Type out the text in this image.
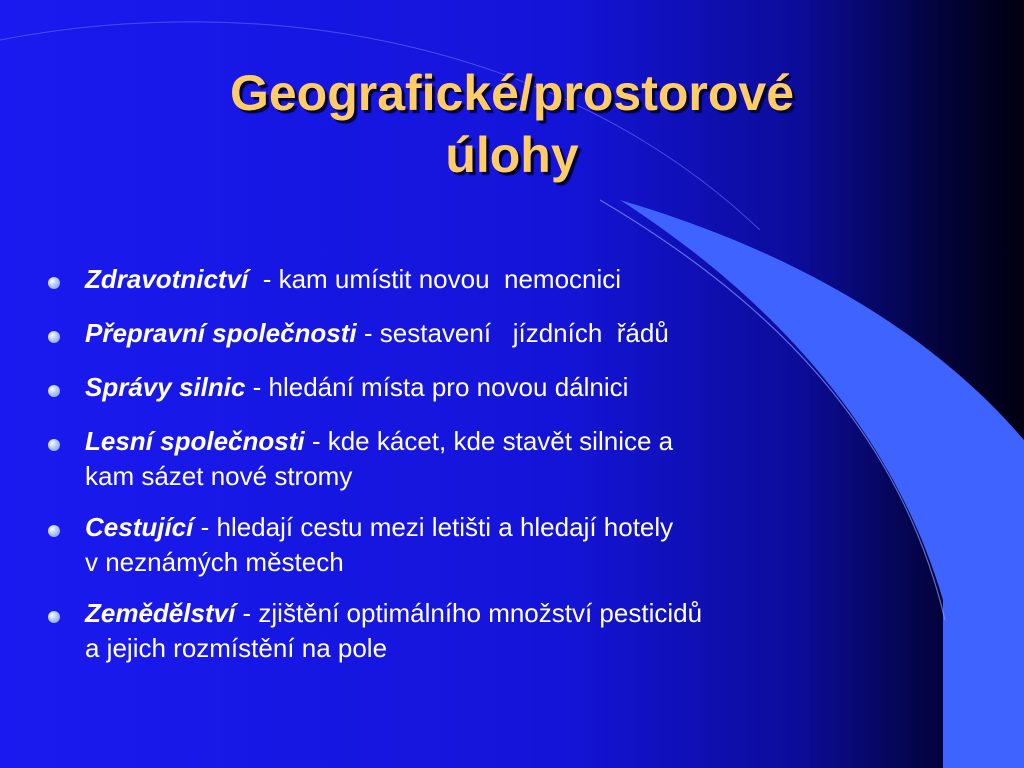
Geografické/prostorové
úlohy
Zdravotnictví  - kam umístit novou  nemocnici
Přepravní společnosti - sestavení   jízdních  řádů
Správy silnic - hledání místa pro novou dálnici
Lesní společnosti - kde kácet, kde stavět silnice a
kam sázet nové stromy
Cestující - hledají cestu mezi letišti a hledají hotely
v neznámých městech
Zemědělství - zjištění optimálního množství pesticidů
a jejich rozmístění na pole
